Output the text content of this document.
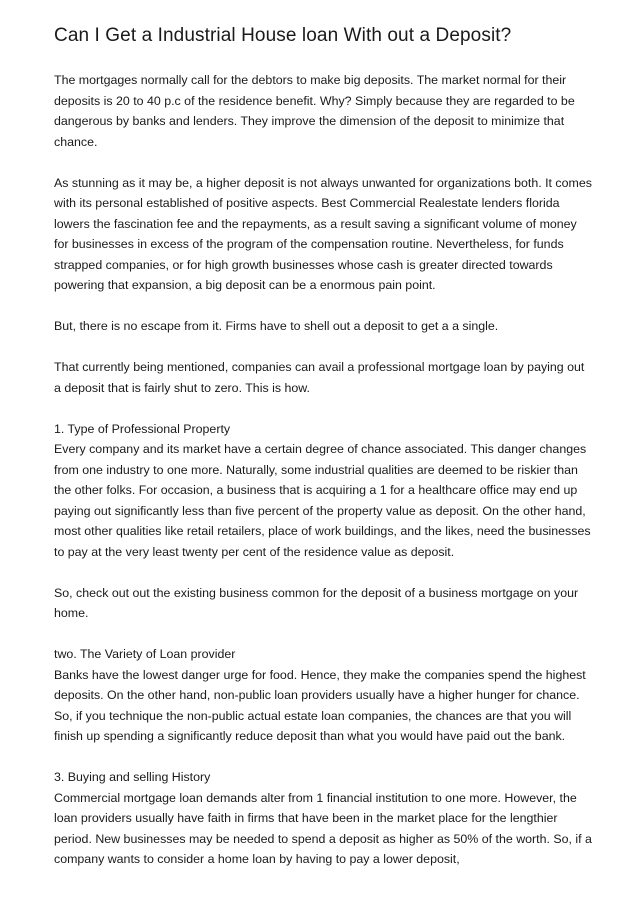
Can I Get a Industrial House loan With out a Deposit?
The mortgages normally call for the debtors to make big deposits. The market normal for their deposits is 20 to 40 p.c of the residence benefit. Why? Simply because they are regarded to be dangerous by banks and lenders. They improve the dimension of the deposit to minimize that chance.
As stunning as it may be, a higher deposit is not always unwanted for organizations both. It comes with its personal established of positive aspects. Best Commercial Realestate lenders florida lowers the fascination fee and the repayments, as a result saving a significant volume of money for businesses in excess of the program of the compensation routine. Nevertheless, for funds strapped companies, or for high growth businesses whose cash is greater directed towards powering that expansion, a big deposit can be a enormous pain point.
But, there is no escape from it. Firms have to shell out a deposit to get a a single.
That currently being mentioned, companies can avail a professional mortgage loan by paying out a deposit that is fairly shut to zero. This is how.
1. Type of Professional Property
Every company and its market have a certain degree of chance associated. This danger changes from one industry to one more. Naturally, some industrial qualities are deemed to be riskier than the other folks. For occasion, a business that is acquiring a 1 for a healthcare office may end up paying out significantly less than five percent of the property value as deposit. On the other hand, most other qualities like retail retailers, place of work buildings, and the likes, need the businesses to pay at the very least twenty per cent of the residence value as deposit.
So, check out out the existing business common for the deposit of a business mortgage on your home.
two. The Variety of Loan provider
Banks have the lowest danger urge for food. Hence, they make the companies spend the highest deposits. On the other hand, non-public loan providers usually have a higher hunger for chance. So, if you technique the non-public actual estate loan companies, the chances are that you will finish up spending a significantly reduce deposit than what you would have paid out the bank.
3. Buying and selling History
Commercial mortgage loan demands alter from 1 financial institution to one more. However, the loan providers usually have faith in firms that have been in the market place for the lengthier period. New businesses may be needed to spend a deposit as higher as 50% of the worth. So, if a company wants to consider a home loan by having to pay a lower deposit,
